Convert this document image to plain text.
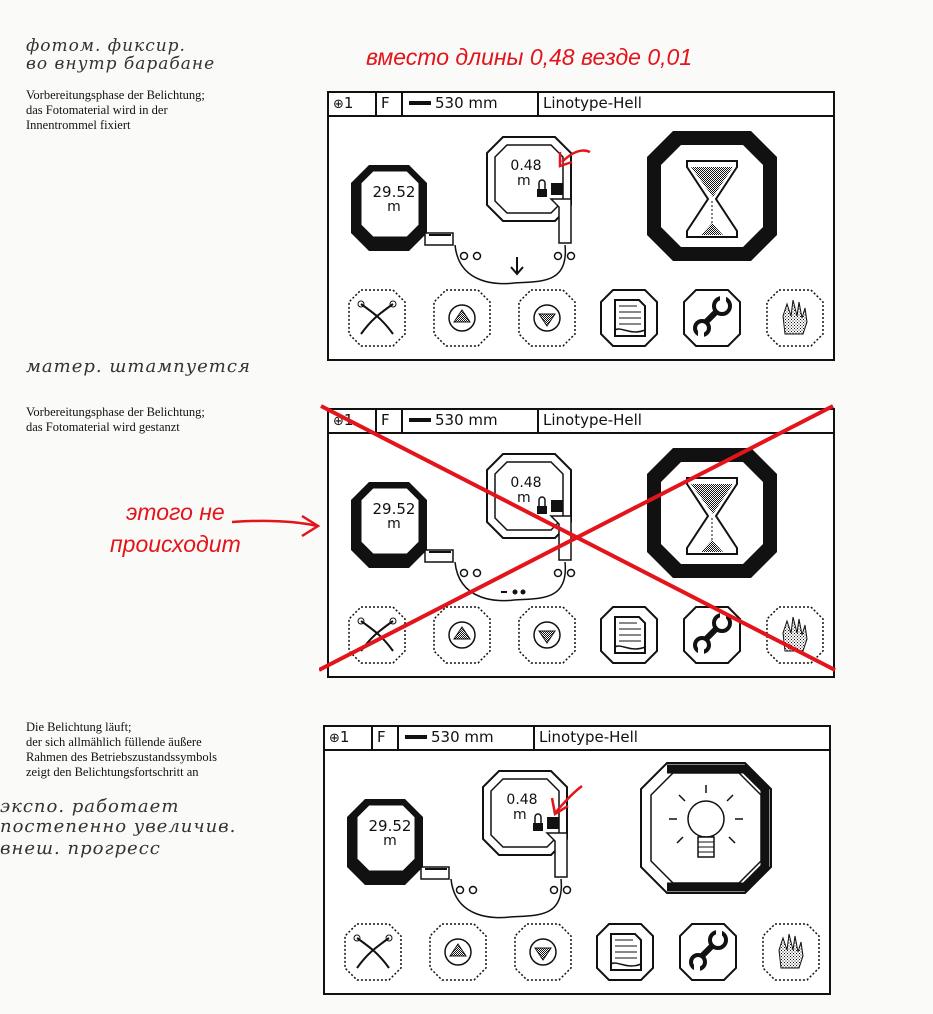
фотом. фиксир.
во внутр барабане
матер. штампуется
экспо. работает
постепенно увеличив.
внеш. прогресс
Vorbereitungsphase der Belichtung;
das Fotomaterial wird in der
Innentrommel fixiert
Vorbereitungsphase der Belichtung;
das Fotomaterial wird gestanzt
Die Belichtung läuft;
der sich allmählich füllende äußere
Rahmen des Betriebszustandssymbols
zeigt den Belichtungsfortschritt an
вместо длины 0,48 везде 0,01
этого не
происходит
⊕1	F	530 mm	Linotype-Hell
29.52
m
0.48
m
⊕	F	530 mm	Linotype-Hell
29.52
m
0.48
m
⊕1	F	530 mm	Linotype-Hell
29.52
m
0.48
m
